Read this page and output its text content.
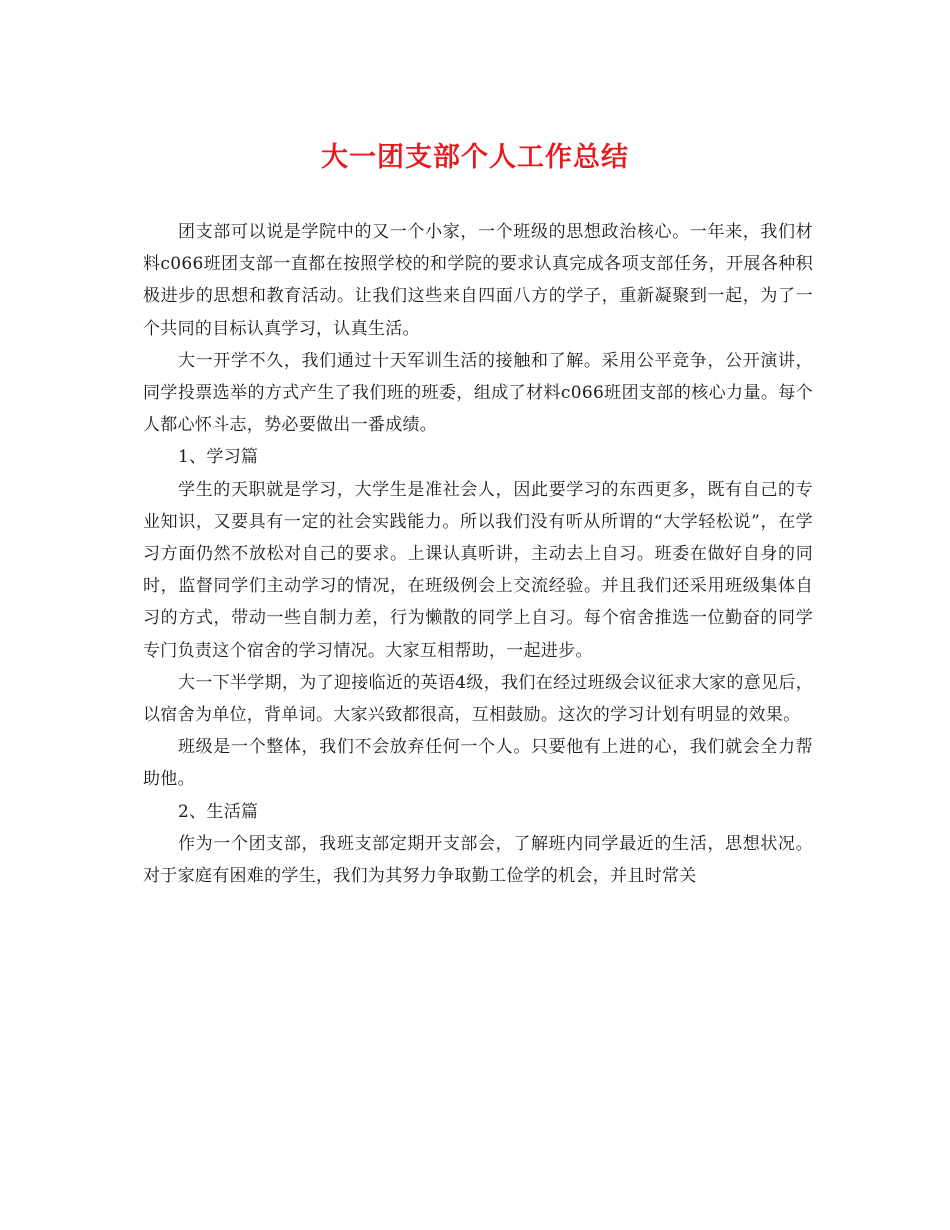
大一团支部个人工作总结

团支部可以说是学院中的又一个小家，一个班级的思想政治核心。一年来，我们材料c066班团支部一直都在按照学校的和学院的要求认真完成各项支部任务，开展各种积极进步的思想和教育活动。让我们这些来自四面八方的学子，重新凝聚到一起，为了一个共同的目标认真学习，认真生活。

大一开学不久，我们通过十天军训生活的接触和了解。采用公平竞争，公开演讲，同学投票选举的方式产生了我们班的班委，组成了材料c066班团支部的核心力量。每个人都心怀斗志，势必要做出一番成绩。

1、学习篇

学生的天职就是学习，大学生是准社会人，因此要学习的东西更多，既有自己的专业知识，又要具有一定的社会实践能力。所以我们没有听从所谓的“大学轻松说”，在学习方面仍然不放松对自己的要求。上课认真听讲，主动去上自习。班委在做好自身的同时，监督同学们主动学习的情况，在班级例会上交流经验。并且我们还采用班级集体自习的方式，带动一些自制力差，行为懒散的同学上自习。每个宿舍推选一位勤奋的同学专门负责这个宿舍的学习情况。大家互相帮助，一起进步。

大一下半学期，为了迎接临近的英语4级，我们在经过班级会议征求大家的意见后，以宿舍为单位，背单词。大家兴致都很高，互相鼓励。这次的学习计划有明显的效果。

班级是一个整体，我们不会放弃任何一个人。只要他有上进的心，我们就会全力帮助他。

2、生活篇

作为一个团支部，我班支部定期开支部会，了解班内同学最近的生活，思想状况。对于家庭有困难的学生，我们为其努力争取勤工俭学的机会，并且时常关
